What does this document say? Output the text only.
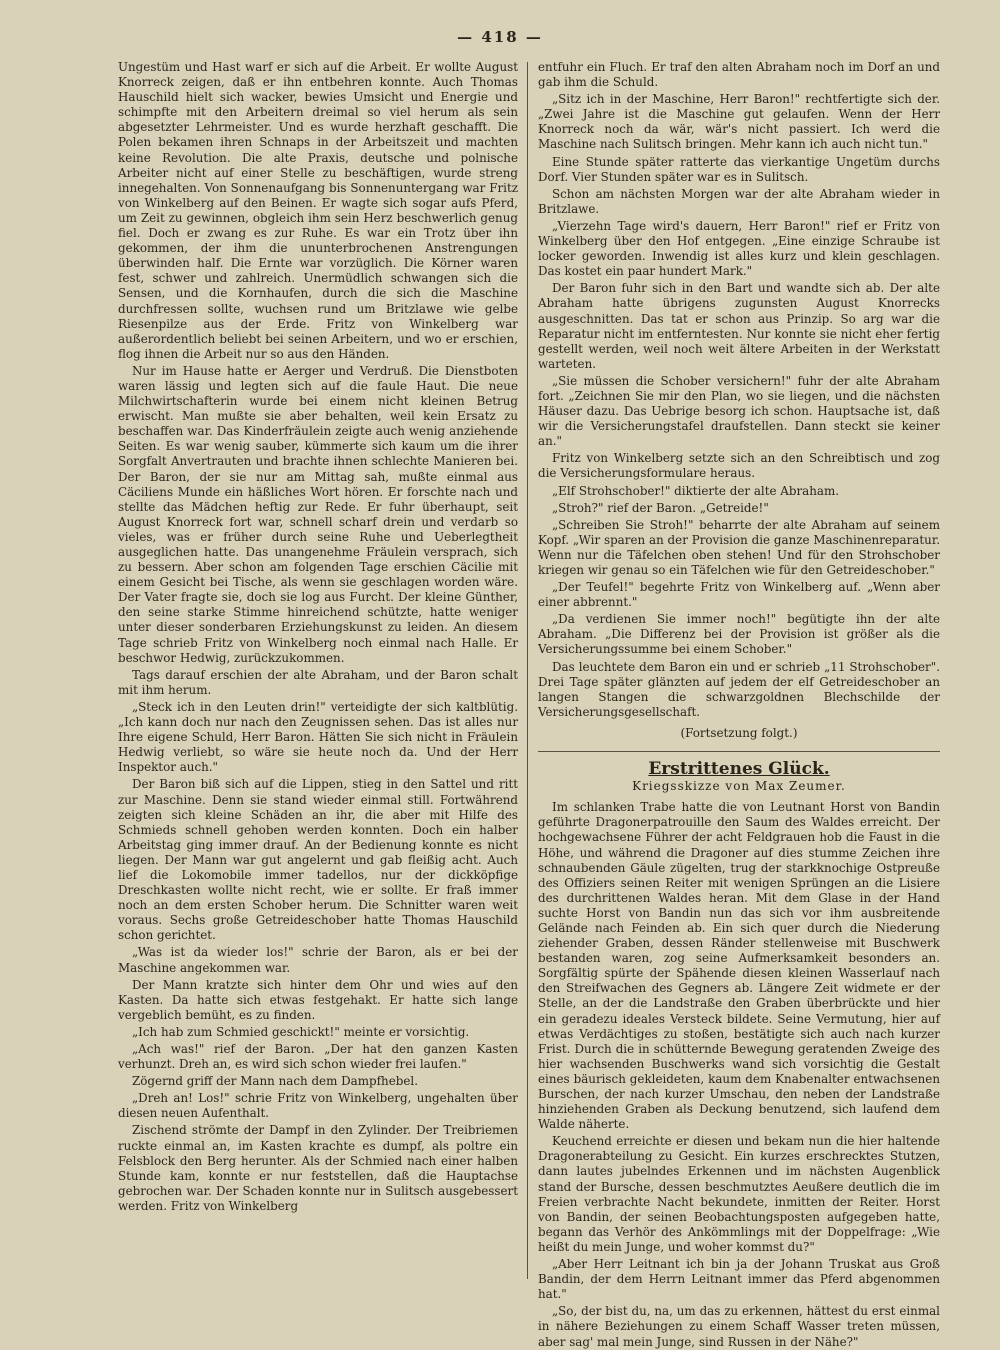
— 418 —

Ungestüm und Hast warf er sich auf die Arbeit. Er wollte August Knorreck zeigen, daß er ihn entbehren konnte. Auch Thomas Hauschild hielt sich wacker, bewies Umsicht und Energie und schimpfte mit den Arbeitern dreimal so viel herum als sein abgesetzter Lehrmeister. Und es wurde herzhaft geschafft. Die Polen bekamen ihren Schnaps in der Arbeitszeit und machten keine Revolution. Die alte Praxis, deutsche und polnische Arbeiter nicht auf einer Stelle zu beschäftigen, wurde streng innegehalten. Von Sonnenaufgang bis Sonnenuntergang war Fritz von Winkelberg auf den Beinen. Er wagte sich sogar aufs Pferd, um Zeit zu gewinnen, obgleich ihm sein Herz beschwerlich genug fiel. Doch er zwang es zur Ruhe. Es war ein Trotz über ihn gekommen, der ihm die ununterbrochenen Anstrengungen überwinden half. Die Ernte war vorzüglich. Die Körner waren fest, schwer und zahlreich. Unermüdlich schwangen sich die Sensen, und die Kornhaufen, durch die sich die Maschine durchfressen sollte, wuchsen rund um Britzlawe wie gelbe Riesenpilze aus der Erde. Fritz von Winkelberg war außerordentlich beliebt bei seinen Arbeitern, und wo er erschien, flog ihnen die Arbeit nur so aus den Händen.

Nur im Hause hatte er Aerger und Verdruß. Die Dienstboten waren lässig und legten sich auf die faule Haut. Die neue Milchwirtschafterin wurde bei einem nicht kleinen Betrug erwischt. Man mußte sie aber behalten, weil kein Ersatz zu beschaffen war. Das Kinderfräulein zeigte auch wenig anziehende Seiten. Es war wenig sauber, kümmerte sich kaum um die ihrer Sorgfalt Anvertrauten und brachte ihnen schlechte Manieren bei. Der Baron, der sie nur am Mittag sah, mußte einmal aus Cäciliens Munde ein häßliches Wort hören. Er forschte nach und stellte das Mädchen heftig zur Rede. Er fuhr überhaupt, seit August Knorreck fort war, schnell scharf drein und verdarb so vieles, was er früher durch seine Ruhe und Ueberlegtheit ausgeglichen hatte. Das unangenehme Fräulein versprach, sich zu bessern. Aber schon am folgenden Tage erschien Cäcilie mit einem Gesicht bei Tische, als wenn sie geschlagen worden wäre. Der Vater fragte sie, doch sie log aus Furcht. Der kleine Günther, den seine starke Stimme hinreichend schützte, hatte weniger unter dieser sonderbaren Erziehungskunst zu leiden. An diesem Tage schrieb Fritz von Winkelberg noch einmal nach Halle. Er beschwor Hedwig, zurückzukommen.

Tags darauf erschien der alte Abraham, und der Baron schalt mit ihm herum.

„Steck ich in den Leuten drin!" verteidigte der sich kaltblütig. „Ich kann doch nur nach den Zeugnissen sehen. Das ist alles nur Ihre eigene Schuld, Herr Baron. Hätten Sie sich nicht in Fräulein Hedwig verliebt, so wäre sie heute noch da. Und der Herr Inspektor auch."

Der Baron biß sich auf die Lippen, stieg in den Sattel und ritt zur Maschine. Denn sie stand wieder einmal still. Fortwährend zeigten sich kleine Schäden an ihr, die aber mit Hilfe des Schmieds schnell gehoben werden konnten. Doch ein halber Arbeitstag ging immer drauf. An der Bedienung konnte es nicht liegen. Der Mann war gut angelernt und gab fleißig acht. Auch lief die Lokomobile immer tadellos, nur der dickköpfige Dreschkasten wollte nicht recht, wie er sollte. Er fraß immer noch an dem ersten Schober herum. Die Schnitter waren weit voraus. Sechs große Getreideschober hatte Thomas Hauschild schon gerichtet.

„Was ist da wieder los!" schrie der Baron, als er bei der Maschine angekommen war.

Der Mann kratzte sich hinter dem Ohr und wies auf den Kasten. Da hatte sich etwas festgehakt. Er hatte sich lange vergeblich bemüht, es zu finden.

„Ich hab zum Schmied geschickt!" meinte er vorsichtig.

„Ach was!" rief der Baron. „Der hat den ganzen Kasten verhunzt. Dreh an, es wird sich schon wieder frei laufen."

Zögernd griff der Mann nach dem Dampfhebel.

„Dreh an! Los!" schrie Fritz von Winkelberg, ungehalten über diesen neuen Aufenthalt.

Zischend strömte der Dampf in den Zylinder. Der Treibriemen ruckte einmal an, im Kasten krachte es dumpf, als poltre ein Felsblock den Berg herunter. Als der Schmied nach einer halben Stunde kam, konnte er nur feststellen, daß die Hauptachse gebrochen war. Der Schaden konnte nur in Sulitsch ausgebessert werden. Fritz von Winkelberg

entfuhr ein Fluch. Er traf den alten Abraham noch im Dorf an und gab ihm die Schuld.

„Sitz ich in der Maschine, Herr Baron!" rechtfertigte sich der. „Zwei Jahre ist die Maschine gut gelaufen. Wenn der Herr Knorreck noch da wär, wär's nicht passiert. Ich werd die Maschine nach Sulitsch bringen. Mehr kann ich auch nicht tun."

Eine Stunde später ratterte das vierkantige Ungetüm durchs Dorf. Vier Stunden später war es in Sulitsch.

Schon am nächsten Morgen war der alte Abraham wieder in Britzlawe.

„Vierzehn Tage wird's dauern, Herr Baron!" rief er Fritz von Winkelberg über den Hof entgegen. „Eine einzige Schraube ist locker geworden. Inwendig ist alles kurz und klein geschlagen. Das kostet ein paar hundert Mark."

Der Baron fuhr sich in den Bart und wandte sich ab. Der alte Abraham hatte übrigens zugunsten August Knorrecks ausgeschnitten. Das tat er schon aus Prinzip. So arg war die Reparatur nicht im entferntesten. Nur konnte sie nicht eher fertig gestellt werden, weil noch weit ältere Arbeiten in der Werkstatt warteten.

„Sie müssen die Schober versichern!" fuhr der alte Abraham fort. „Zeichnen Sie mir den Plan, wo sie liegen, und die nächsten Häuser dazu. Das Uebrige besorg ich schon. Hauptsache ist, daß wir die Versicherungstafel draufstellen. Dann steckt sie keiner an."

Fritz von Winkelberg setzte sich an den Schreibtisch und zog die Versicherungsformulare heraus.

„Elf Strohschober!" diktierte der alte Abraham.

„Stroh?" rief der Baron. „Getreide!"

„Schreiben Sie Stroh!" beharrte der alte Abraham auf seinem Kopf. „Wir sparen an der Provision die ganze Maschinenreparatur. Wenn nur die Täfelchen oben stehen! Und für den Strohschober kriegen wir genau so ein Täfelchen wie für den Getreideschober."

„Der Teufel!" begehrte Fritz von Winkelberg auf. „Wenn aber einer abbrennt."

„Da verdienen Sie immer noch!" begütigte ihn der alte Abraham. „Die Differenz bei der Provision ist größer als die Versicherungssumme bei einem Schober."

Das leuchtete dem Baron ein und er schrieb „11 Strohschober". Drei Tage später glänzten auf jedem der elf Getreideschober an langen Stangen die schwarzgoldnen Blechschilde der Versicherungsgesellschaft.

(Fortsetzung folgt.)

Erstrittenes Glück.
Kriegsskizze von Max Zeumer.

Im schlanken Trabe hatte die von Leutnant Horst von Bandin geführte Dragonerpatrouille den Saum des Waldes erreicht. Der hochgewachsene Führer der acht Feldgrauen hob die Faust in die Höhe, und während die Dragoner auf dies stumme Zeichen ihre schnaubenden Gäule zügelten, trug der starkknochige Ostpreuße des Offiziers seinen Reiter mit wenigen Sprüngen an die Lisiere des durchrittenen Waldes heran. Mit dem Glase in der Hand suchte Horst von Bandin nun das sich vor ihm ausbreitende Gelände nach Feinden ab. Ein sich quer durch die Niederung ziehender Graben, dessen Ränder stellenweise mit Buschwerk bestanden waren, zog seine Aufmerksamkeit besonders an. Sorgfältig spürte der Spähende diesen kleinen Wasserlauf nach den Streifwachen des Gegners ab. Längere Zeit widmete er der Stelle, an der die Landstraße den Graben überbrückte und hier ein geradezu ideales Versteck bildete. Seine Vermutung, hier auf etwas Verdächtiges zu stoßen, bestätigte sich auch nach kurzer Frist. Durch die in schütternde Bewegung geratenden Zweige des hier wachsenden Buschwerks wand sich vorsichtig die Gestalt eines bäurisch gekleideten, kaum dem Knabenalter entwachsenen Burschen, der nach kurzer Umschau, den neben der Landstraße hinziehenden Graben als Deckung benutzend, sich laufend dem Walde näherte.

Keuchend erreichte er diesen und bekam nun die hier haltende Dragonerabteilung zu Gesicht. Ein kurzes erschrecktes Stutzen, dann lautes jubelndes Erkennen und im nächsten Augenblick stand der Bursche, dessen beschmutztes Aeußere deutlich die im Freien verbrachte Nacht bekundete, inmitten der Reiter. Horst von Bandin, der seinen Beobachtungsposten aufgegeben hatte, begann das Verhör des Ankömmlings mit der Doppelfrage: „Wie heißt du mein Junge, und woher kommst du?"

„Aber Herr Leitnant ich bin ja der Johann Truskat aus Groß Bandin, der dem Herrn Leitnant immer das Pferd abgenommen hat."

„So, der bist du, na, um das zu erkennen, hättest du erst einmal in nähere Beziehungen zu einem Schaff Wasser treten müssen, aber sag' mal mein Junge, sind Russen in der Nähe?"
